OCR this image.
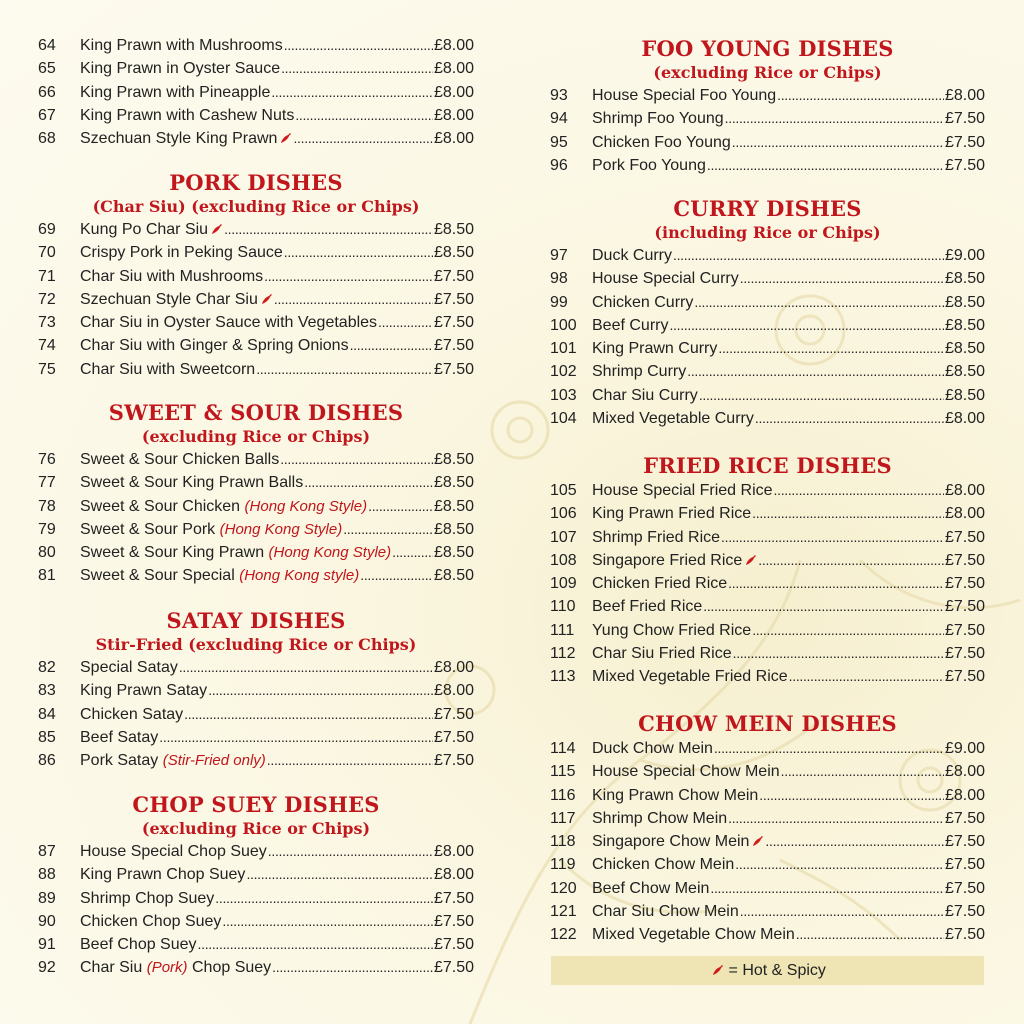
64	King Prawn with Mushrooms . . .	£8.00
65	King Prawn in Oyster Sauce . . .	£8.00
66	King Prawn with Pineapple . . .	£8.00
67	King Prawn with Cashew Nuts . . .	£8.00
68	Szechuan Style King Prawn . . .	£8.00
PORK DISHES
(Char Siu) (excluding Rice or Chips)
69	Kung Po Char Siu . . .	£8.50
70	Crispy Pork in Peking Sauce . . .	£8.50
71	Char Siu with Mushrooms . . .	£7.50
72	Szechuan Style Char Siu . . .	£7.50
73	Char Siu in Oyster Sauce with Vegetables . . .	£7.50
74	Char Siu with Ginger & Spring Onions . . .	£7.50
75	Char Siu with Sweetcorn . . .	£7.50
SWEET & SOUR DISHES
(excluding Rice or Chips)
76	Sweet & Sour Chicken Balls . . .	£8.50
77	Sweet & Sour King Prawn Balls . . .	£8.50
78	Sweet & Sour Chicken (Hong Kong Style) . . .	£8.50
79	Sweet & Sour Pork (Hong Kong Style) . . .	£8.50
80	Sweet & Sour King Prawn (Hong Kong Style) . . .	£8.50
81	Sweet & Sour Special (Hong Kong style) . . .	£8.50
SATAY DISHES
Stir-Fried (excluding Rice or Chips)
82	Special Satay . . .	£8.00
83	King Prawn Satay . . .	£8.00
84	Chicken Satay . . .	£7.50
85	Beef Satay . . .	£7.50
86	Pork Satay (Stir-Fried only) . . .	£7.50
CHOP SUEY DISHES
(excluding Rice or Chips)
87	House Special Chop Suey . . .	£8.00
88	King Prawn Chop Suey . . .	£8.00
89	Shrimp Chop Suey . . .	£7.50
90	Chicken Chop Suey . . .	£7.50
91	Beef Chop Suey . . .	£7.50
92	Char Siu (Pork) Chop Suey . . .	£7.50
FOO YOUNG DISHES
(excluding Rice or Chips)
93	House Special Foo Young . . .	£8.00
94	Shrimp Foo Young . . .	£7.50
95	Chicken Foo Young . . .	£7.50
96	Pork Foo Young . . .	£7.50
CURRY DISHES
(including Rice or Chips)
97	Duck Curry . . .	£9.00
98	House Special Curry . . .	£8.50
99	Chicken Curry . . .	£8.50
100 Beef Curry . . .	£8.50
101 King Prawn Curry . . .	£8.50
102 Shrimp Curry . . .	£8.50
103 Char Siu Curry . . .	£8.50
104 Mixed Vegetable Curry . . .	£8.00
FRIED RICE DISHES
105 House Special Fried Rice . . .	£8.00
106 King Prawn Fried Rice . . .	£8.00
107 Shrimp Fried Rice . . .	£7.50
108 Singapore Fried Rice . . .	£7.50
109 Chicken Fried Rice . . .	£7.50
110	Beef Fried Rice . . .	£7.50
111	Yung Chow Fried Rice . . .	£7.50
112	Char Siu Fried Rice . . .	£7.50
113	Mixed Vegetable Fried Rice . . .	£7.50
CHOW MEIN DISHES
114	Duck Chow Mein . . .	£9.00
115	House Special Chow Mein . . .	£8.00
116	King Prawn Chow Mein . . .	£8.00
117	Shrimp Chow Mein . . .	£7.50
118	Singapore Chow Mein . . .	£7.50
119	Chicken Chow Mein . . .	£7.50
120 Beef Chow Mein . . .	£7.50
121 Char Siu Chow Mein . . .	£7.50
122 Mixed Vegetable Chow Mein . . .	£7.50
= Hot & Spicy
